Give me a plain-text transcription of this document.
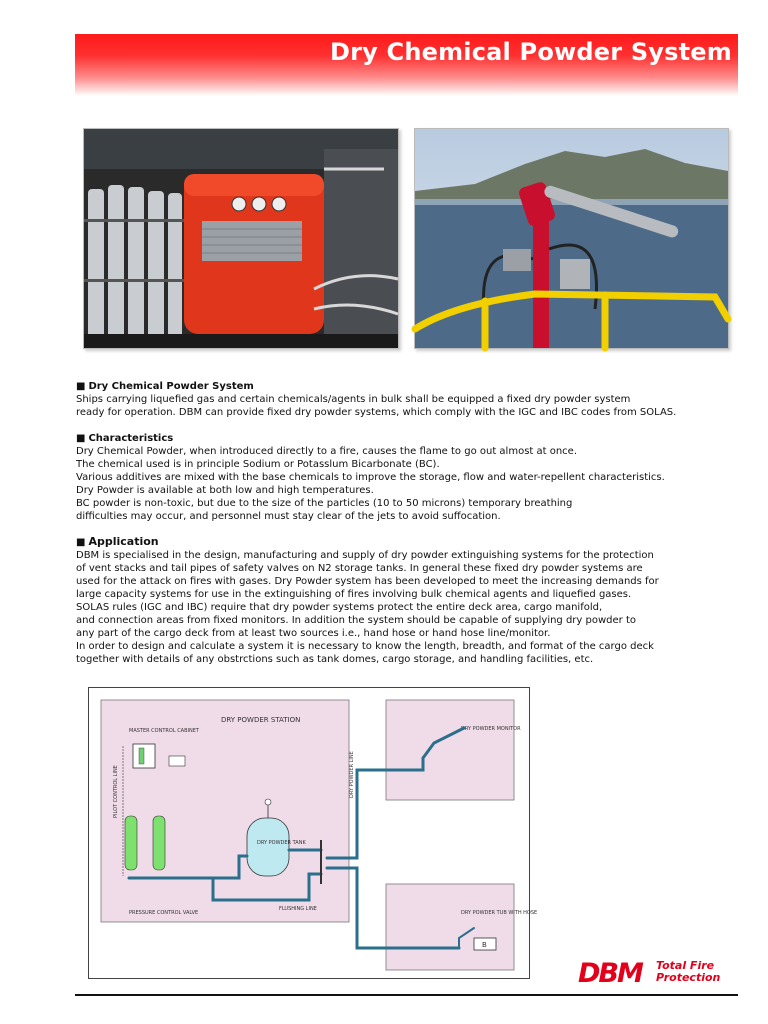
Dry Chemical Powder System
■ Dry Chemical Powder System
Ships carrying liquefied gas and certain chemicals/agents in bulk shall be equipped a fixed dry powder system
ready for operation. DBM can provide fixed dry powder systems, which comply with the IGC and IBC codes from SOLAS.
■ Characteristics
Dry Chemical Powder, when introduced directly to a fire, causes the flame to go out almost at once.
The chemical used is in principle Sodium or Potasslum Bicarbonate (BC).
Various additives are mixed with the base chemicals to improve the storage, flow and water-repellent characteristics.
Dry Powder is available at both low and high temperatures.
BC powder is non-toxic, but due to the size of the particles (10 to 50 microns) temporary breathing
difficulties may occur, and personnel must stay clear of the jets to avoid suffocation.
■ Application
DBM is specialised in the design, manufacturing and supply of dry powder extinguishing systems for the protection
of vent stacks and tail pipes of safety valves on N2 storage tanks. In general these fixed dry powder systems are
used for the attack on fires with gases. Dry Powder system has been developed to meet the increasing demands for
large capacity systems for use in the extinguishing of fires involving bulk chemical agents and liquefied gases.
SOLAS rules (IGC and IBC) require that dry powder systems protect the entire deck area, cargo manifold,
and connection areas from fixed monitors. In addition the system should be capable of supplying dry powder to
any part of the cargo deck from at least two sources i.e., hand hose or hand hose line/monitor.
In order to design and calculate a system it is necessary to know the length, breadth, and format of the cargo deck
together with details of any obstrctions such as tank domes, cargo storage, and handling facilities, etc.
DRY POWDER STATION
DRY POWDER MONITOR
DRY POWDER TUB WITH HOSE
B
MASTER CONTROL CABINET
PILOT CONTROL LINE
DRY POWDER TANK
FLUSHING LINE
PRESSURE CONTROL VALVE
DRY POWDER LINE
DBM Total Fire
Protection
